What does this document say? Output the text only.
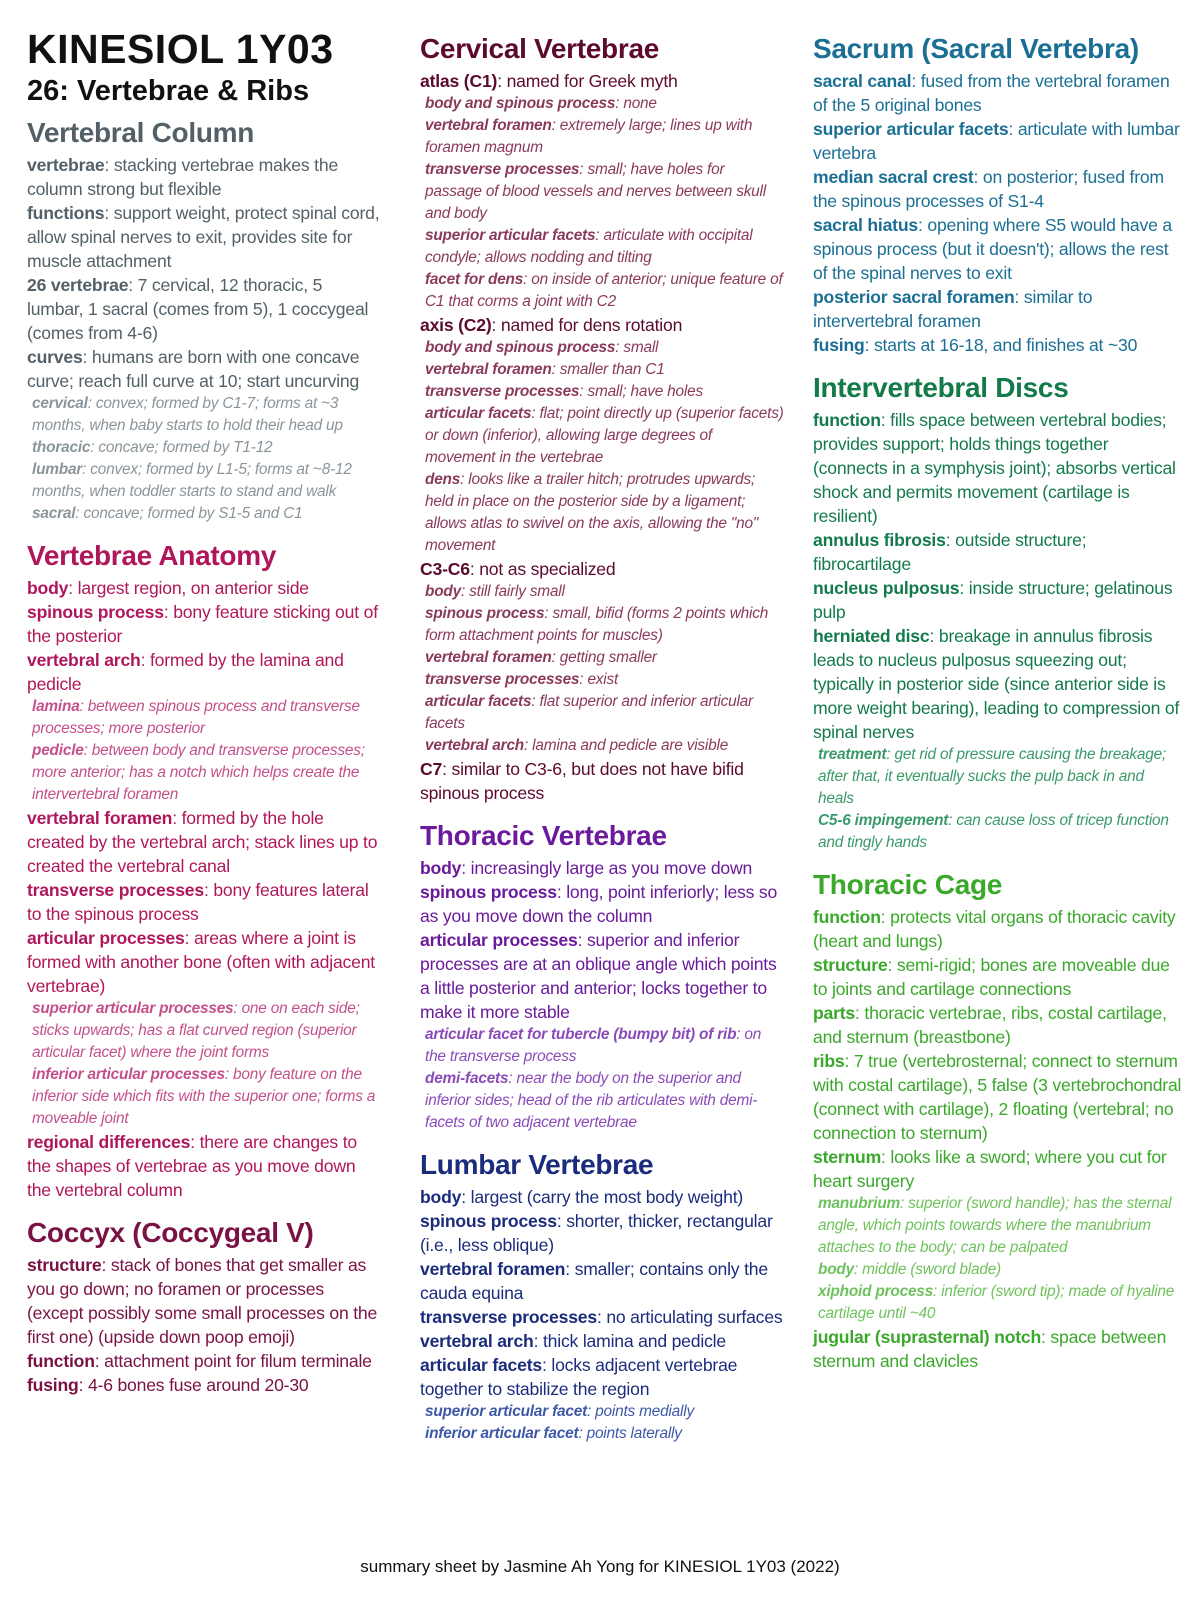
KINESIOL 1Y03
26: Vertebrae & Ribs
Vertebral Column
vertebrae: stacking vertebrae makes the column strong but flexible
functions: support weight, protect spinal cord, allow spinal nerves to exit, provides site for muscle attachment
26 vertebrae: 7 cervical, 12 thoracic, 5 lumbar, 1 sacral (comes from 5), 1 coccygeal (comes from 4-6)
curves: humans are born with one concave curve; reach full curve at 10; start uncurving
cervical: convex; formed by C1-7; forms at ~3 months, when baby starts to hold their head up
thoracic: concave; formed by T1-12
lumbar: convex; formed by L1-5; forms at ~8-12 months, when toddler starts to stand and walk
sacral: concave; formed by S1-5 and C1
Vertebrae Anatomy
body: largest region, on anterior side
spinous process: bony feature sticking out of the posterior
vertebral arch: formed by the lamina and pedicle
lamina: between spinous process and transverse processes; more posterior
pedicle: between body and transverse processes; more anterior; has a notch which helps create the intervertebral foramen
vertebral foramen: formed by the hole created by the vertebral arch; stack lines up to created the vertebral canal
transverse processes: bony features lateral to the spinous process
articular processes: areas where a joint is formed with another bone (often with adjacent vertebrae)
superior articular processes: one on each side; sticks upwards; has a flat curved region (superior articular facet) where the joint forms
inferior articular processes: bony feature on the inferior side which fits with the superior one; forms a moveable joint
regional differences: there are changes to the shapes of vertebrae as you move down the vertebral column
Coccyx (Coccygeal V)
structure: stack of bones that get smaller as you go down; no foramen or processes (except possibly some small processes on the first one) (upside down poop emoji)
function: attachment point for filum terminale
fusing: 4-6 bones fuse around 20-30
Cervical Vertebrae
atlas (C1): named for Greek myth
body and spinous process: none
vertebral foramen: extremely large; lines up with foramen magnum
transverse processes: small; have holes for passage of blood vessels and nerves between skull and body
superior articular facets: articulate with occipital condyle; allows nodding and tilting
facet for dens: on inside of anterior; unique feature of C1 that corms a joint with C2
axis (C2): named for dens rotation
body and spinous process: small
vertebral foramen: smaller than C1
transverse processes: small; have holes
articular facets: flat; point directly up (superior facets) or down (inferior), allowing large degrees of movement in the vertebrae
dens: looks like a trailer hitch; protrudes upwards; held in place on the posterior side by a ligament; allows atlas to swivel on the axis, allowing the "no" movement
C3-C6: not as specialized
body: still fairly small
spinous process: small, bifid (forms 2 points which form attachment points for muscles)
vertebral foramen: getting smaller
transverse processes: exist
articular facets: flat superior and inferior articular facets
vertebral arch: lamina and pedicle are visible
C7: similar to C3-6, but does not have bifid spinous process
Thoracic Vertebrae
body: increasingly large as you move down
spinous process: long, point inferiorly; less so as you move down the column
articular processes: superior and inferior processes are at an oblique angle which points a little posterior and anterior; locks together to make it more stable
articular facet for tubercle (bumpy bit) of rib: on the transverse process
demi-facets: near the body on the superior and inferior sides; head of the rib articulates with demi-facets of two adjacent vertebrae
Lumbar Vertebrae
body: largest (carry the most body weight)
spinous process: shorter, thicker, rectangular (i.e., less oblique)
vertebral foramen: smaller; contains only the cauda equina
transverse processes: no articulating surfaces
vertebral arch: thick lamina and pedicle
articular facets: locks adjacent vertebrae together to stabilize the region
superior articular facet: points medially
inferior articular facet: points laterally
Sacrum (Sacral Vertebra)
sacral canal: fused from the vertebral foramen of the 5 original bones
superior articular facets: articulate with lumbar vertebra
median sacral crest: on posterior; fused from the spinous processes of S1-4
sacral hiatus: opening where S5 would have a spinous process (but it doesn't); allows the rest of the spinal nerves to exit
posterior sacral foramen: similar to intervertebral foramen
fusing: starts at 16-18, and finishes at ~30
Intervertebral Discs
function: fills space between vertebral bodies; provides support; holds things together (connects in a symphysis joint); absorbs vertical shock and permits movement (cartilage is resilient)
annulus fibrosis: outside structure; fibrocartilage
nucleus pulposus: inside structure; gelatinous pulp
herniated disc: breakage in annulus fibrosis leads to nucleus pulposus squeezing out; typically in posterior side (since anterior side is more weight bearing), leading to compression of spinal nerves
treatment: get rid of pressure causing the breakage; after that, it eventually sucks the pulp back in and heals
C5-6 impingement: can cause loss of tricep function and tingly hands
Thoracic Cage
function: protects vital organs of thoracic cavity (heart and lungs)
structure: semi-rigid; bones are moveable due to joints and cartilage connections
parts: thoracic vertebrae, ribs, costal cartilage, and sternum (breastbone)
ribs: 7 true (vertebrosternal; connect to sternum with costal cartilage), 5 false (3 vertebrochondral (connect with cartilage), 2 floating (vertebral; no connection to sternum)
sternum: looks like a sword; where you cut for heart surgery
manubrium: superior (sword handle); has the sternal angle, which points towards where the manubrium attaches to the body; can be palpated
body: middle (sword blade)
xiphoid process: inferior (sword tip); made of hyaline cartilage until ~40
jugular (suprasternal) notch: space between sternum and clavicles
summary sheet by Jasmine Ah Yong for KINESIOL 1Y03 (2022)
